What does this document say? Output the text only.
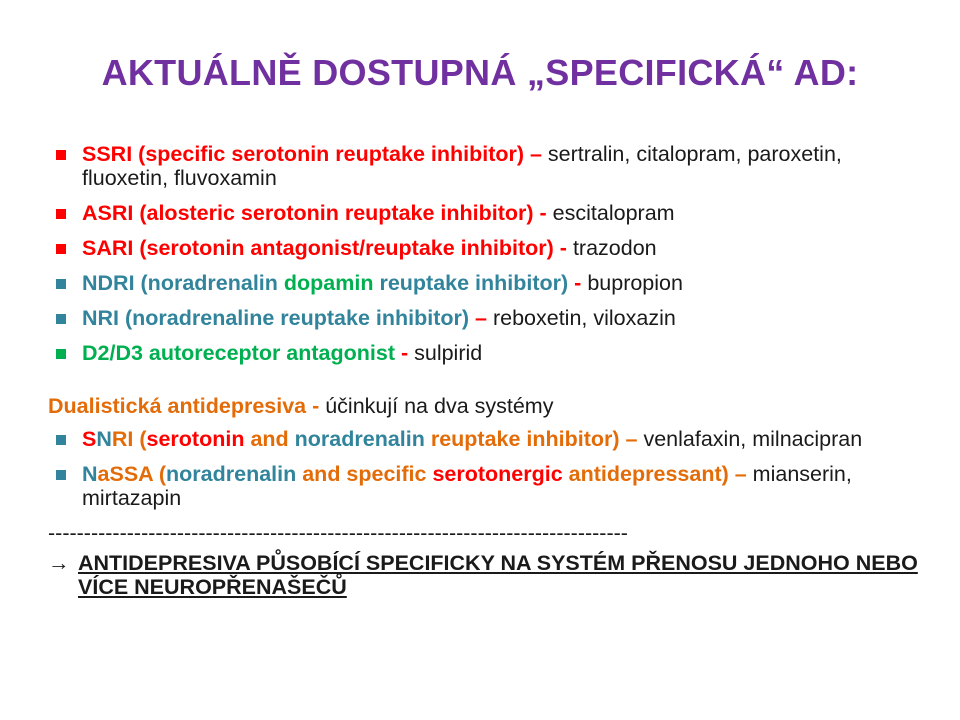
AKTUÁLNĚ DOSTUPNÁ „SPECIFICKÁ“ AD:
SSRI (specific serotonin reuptake inhibitor) – sertralin, citalopram, paroxetin, fluoxetin, fluvoxamin
ASRI (alosteric serotonin reuptake inhibitor) - escitalopram
SARI (serotonin antagonist/reuptake inhibitor) - trazodon
NDRI (noradrenalin dopamin reuptake inhibitor) - bupropion
NRI (noradrenaline reuptake inhibitor) – reboxetin, viloxazin
D2/D3 autoreceptor antagonist - sulpirid
Dualistická antidepresiva - účinkují na dva systémy
SNRI (serotonin and noradrenalin reuptake inhibitor) – venlafaxin, milnacipran
NaSSA (noradrenalin and specific serotonergic antidepressant) – mianserin, mirtazapin
---------------------------------------------------------------------------------
→ ANTIDEPRESIVA PŮSOBÍCÍ SPECIFICKY NA SYSTÉM PŘENOSU JEDNOHO NEBO VÍCE NEUROPŘENAŠEČŮ
